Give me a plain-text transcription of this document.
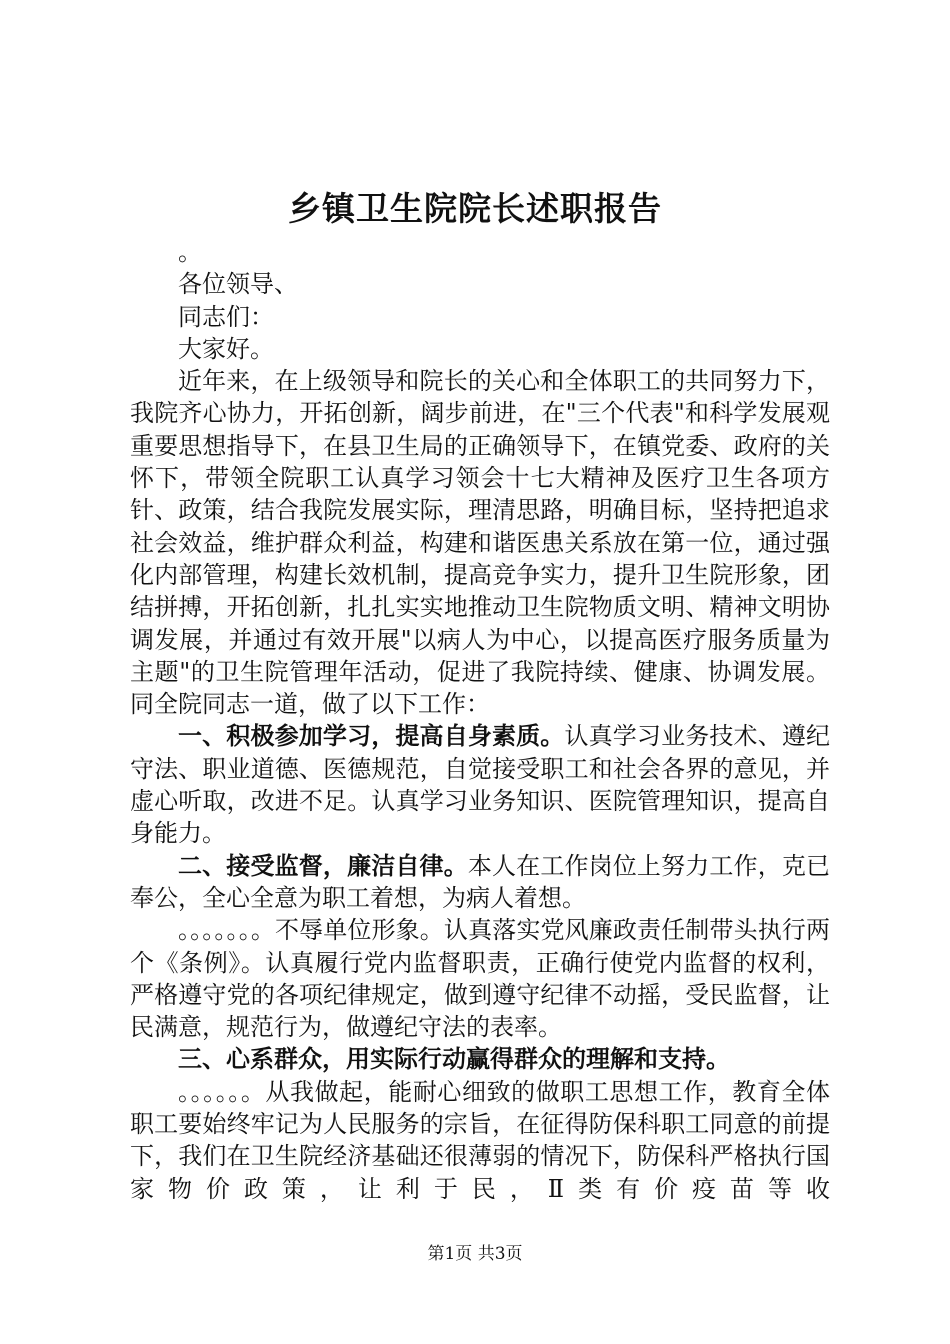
乡镇卫生院院长述职报告

。

各位领导、

同志们：

大家好。

近年来，在上级领导和院长的关心和全体职工的共同努力下，我院齐心协力，开拓创新，阔步前进，在"三个代表"和科学发展观重要思想指导下，在县卫生局的正确领导下，在镇党委、政府的关怀下，带领全院职工认真学习领会十七大精神及医疗卫生各项方针、政策，结合我院发展实际，理清思路，明确目标，坚持把追求社会效益，维护群众利益，构建和谐医患关系放在第一位，通过强化内部管理，构建长效机制，提高竞争实力，提升卫生院形象，团结拼搏，开拓创新，扎扎实实地推动卫生院物质文明、精神文明协调发展，并通过有效开展"以病人为中心，以提高医疗服务质量为主题"的卫生院管理年活动，促进了我院持续、健康、协调发展。同全院同志一道，做了以下工作：

一、积极参加学习，提高自身素质。认真学习业务技术、遵纪守法、职业道德、医德规范，自觉接受职工和社会各界的意见，并虚心听取，改进不足。认真学习业务知识、医院管理知识，提高自身能力。

二、接受监督，廉洁自律。本人在工作岗位上努力工作，克已奉公，全心全意为职工着想，为病人着想。

。。。。。。。不辱单位形象。认真落实党风廉政责任制带头执行两个《条例》。认真履行党内监督职责，正确行使党内监督的权利，严格遵守党的各项纪律规定，做到遵守纪律不动摇，受民监督，让民满意，规范行为，做遵纪守法的表率。

三、心系群众，用实际行动赢得群众的理解和支持。

。。。。。。从我做起，能耐心细致的做职工思想工作，教育全体职工要始终牢记为人民服务的宗旨，在征得防保科职工同意的前提下，我们在卫生院经济基础还很薄弱的情况下，防保科严格执行国家物价政策，让利于民，Ⅱ类有价疫苗等收

第1页 共3页
